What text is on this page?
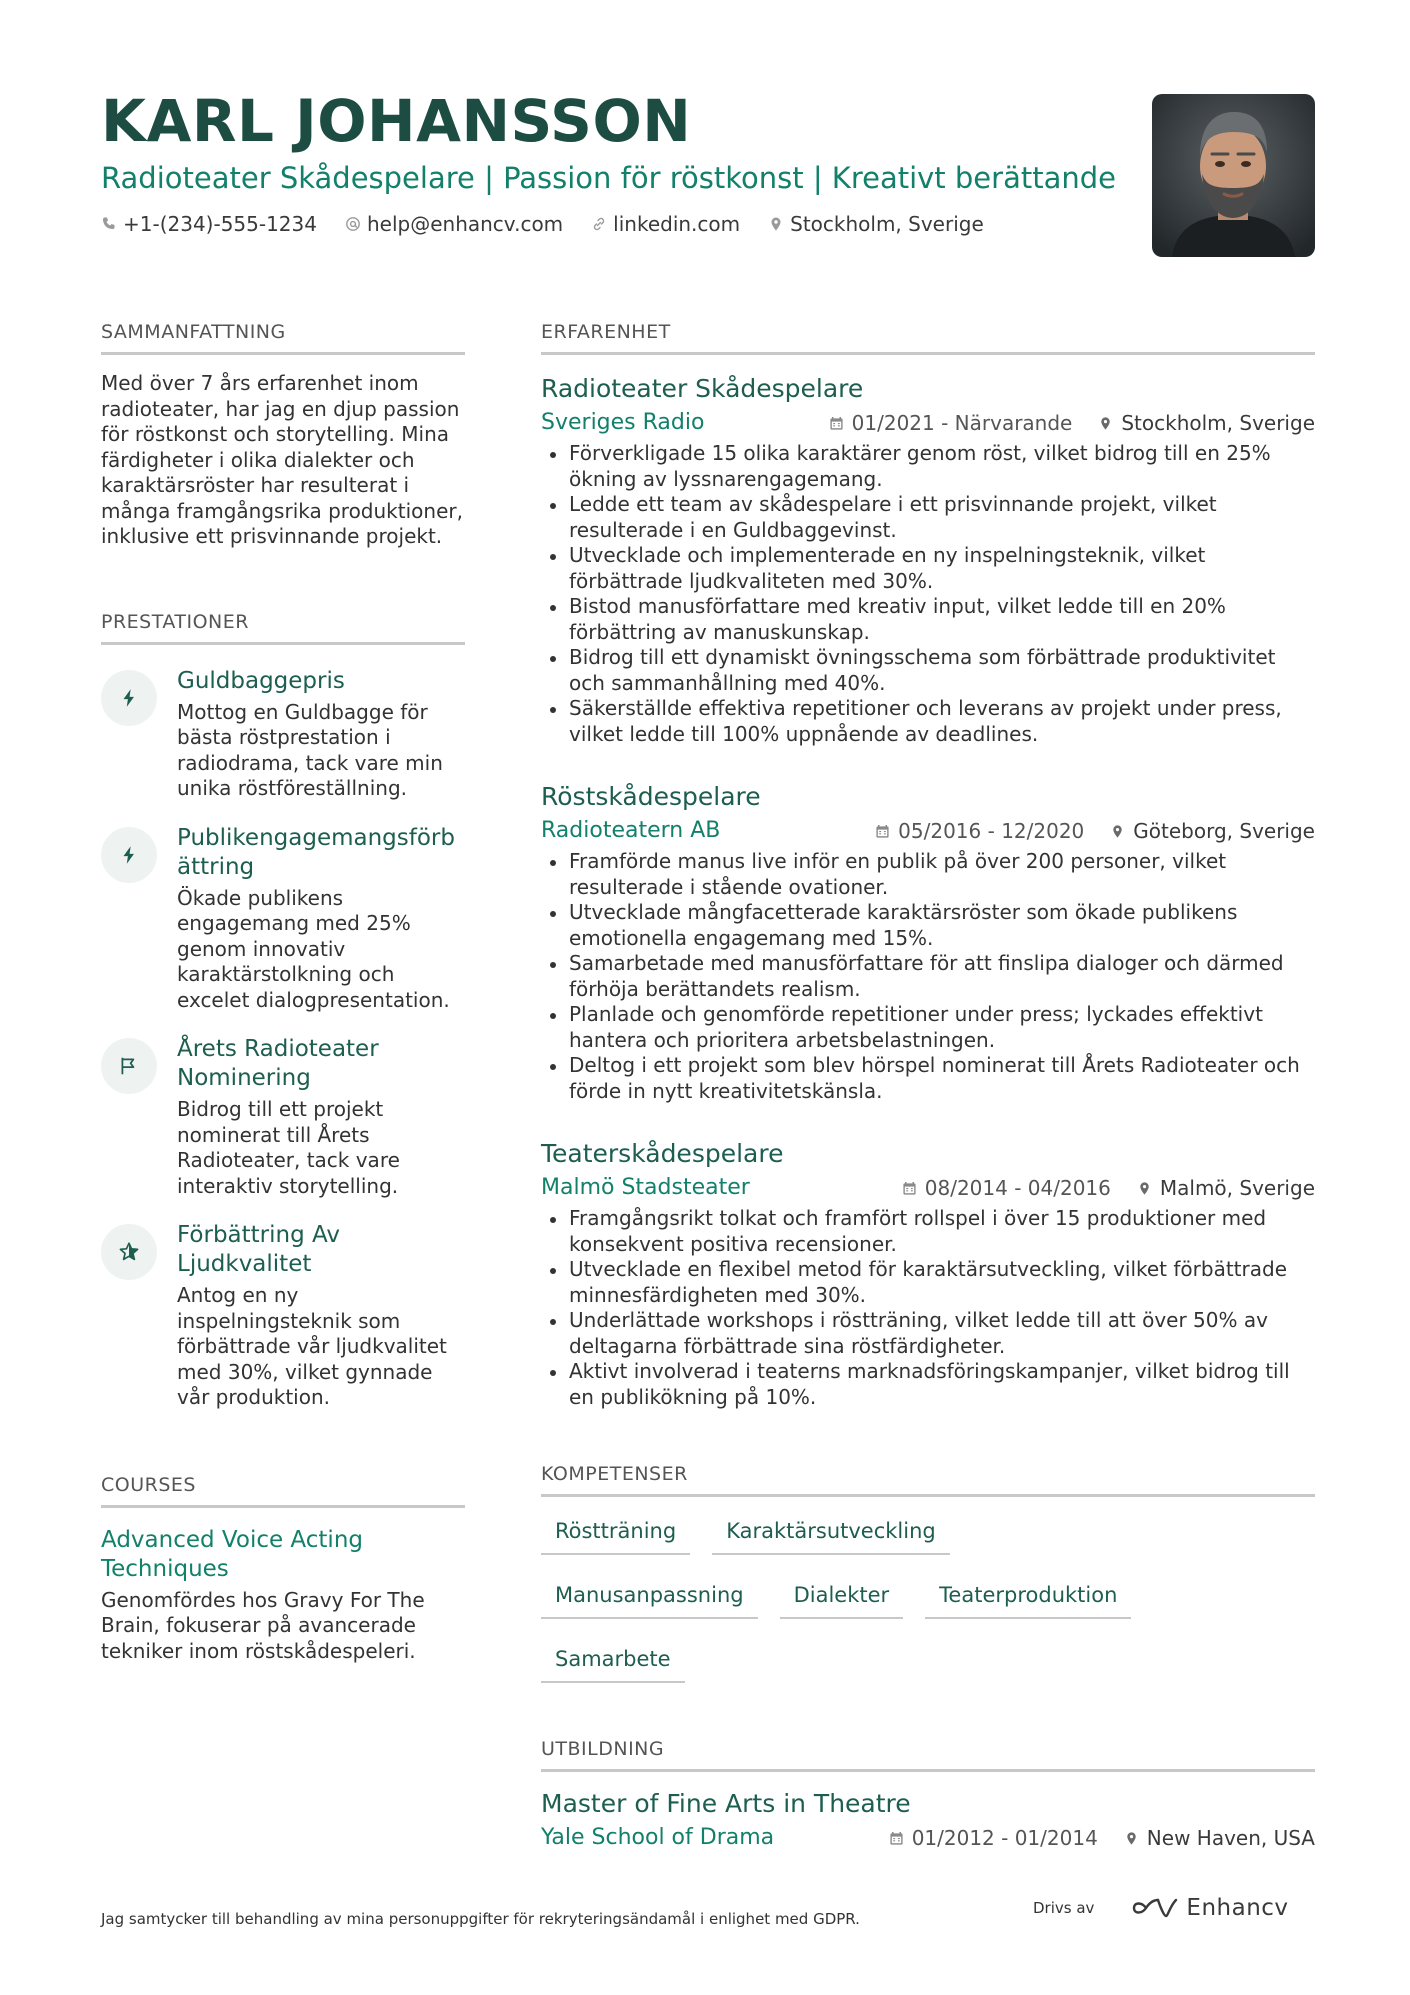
KARL JOHANSSON
Radioteater Skådespelare | Passion för röstkonst | Kreativt berättande
+1-(234)-555-1234	help@enhancv.com	linkedin.com	Stockholm, Sverige
SAMMANFATTNING
Med över 7 års erfarenhet inom radioteater, har jag en djup passion för röstkonst och storytelling. Mina färdigheter i olika dialekter och karaktärsröster har resulterat i många framgångsrika produktioner, inklusive ett prisvinnande projekt.
PRESTATIONER
Guldbaggepris
Mottog en Guldbagge för bästa röstprestation i radiodrama, tack vare min unika röstföreställning.
Publikengagemangsförbättring
Ökade publikens engagemang med 25% genom innovativ karaktärstolkning och excelet dialogpresentation.
Årets Radioteater Nominering
Bidrog till ett projekt nominerat till Årets Radioteater, tack vare interaktiv storytelling.
Förbättring Av Ljudkvalitet
Antog en ny inspelningsteknik som förbättrade vår ljudkvalitet med 30%, vilket gynnade vår produktion.
COURSES
Advanced Voice Acting Techniques
Genomfördes hos Gravy For The Brain, fokuserar på avancerade tekniker inom röstskådespeleri.
ERFARENHET
Radioteater Skådespelare
Sveriges Radio	01/2021 - Närvarande Stockholm, Sverige
Förverkligade 15 olika karaktärer genom röst, vilket bidrog till en 25% ökning av lyssnarengagemang.
Ledde ett team av skådespelare i ett prisvinnande projekt, vilket resulterade i en Guldbaggevinst.
Utvecklade och implementerade en ny inspelningsteknik, vilket förbättrade ljudkvaliteten med 30%.
Bistod manusförfattare med kreativ input, vilket ledde till en 20% förbättring av manuskunskap.
Bidrog till ett dynamiskt övningsschema som förbättrade produktivitet och sammanhållning med 40%.
Säkerställde effektiva repetitioner och leverans av projekt under press, vilket ledde till 100% uppnående av deadlines.
Röstskådespelare
Radioteatern AB	05/2016 - 12/2020 Göteborg, Sverige
Framförde manus live inför en publik på över 200 personer, vilket resulterade i stående ovationer.
Utvecklade mångfacetterade karaktärsröster som ökade publikens emotionella engagemang med 15%.
Samarbetade med manusförfattare för att finslipa dialoger och därmed förhöja berättandets realism.
Planlade och genomförde repetitioner under press; lyckades effektivt hantera och prioritera arbetsbelastningen.
Deltog i ett projekt som blev hörspel nominerat till Årets Radioteater och förde in nytt kreativitetskänsla.
Teaterskådespelare
Malmö Stadsteater	08/2014 - 04/2016 Malmö, Sverige
Framgångsrikt tolkat och framfört rollspel i över 15 produktioner med konsekvent positiva recensioner.
Utvecklade en flexibel metod för karaktärsutveckling, vilket förbättrade minnesfärdigheten med 30%.
Underlättade workshops i röstträning, vilket ledde till att över 50% av deltagarna förbättrade sina röstfärdigheter.
Aktivt involverad i teaterns marknadsföringskampanjer, vilket bidrog till en publikökning på 10%.
KOMPETENSER
Röstträning	Karaktärsutveckling
Manusanpassning	Dialekter	Teaterproduktion
Samarbete
UTBILDNING
Master of Fine Arts in Theatre
Yale School of Drama	01/2012 - 01/2014 New Haven, USA
Jag samtycker till behandling av mina personuppgifter för rekryteringsändamål i enlighet med GDPR.
Drivs av	Enhancv
